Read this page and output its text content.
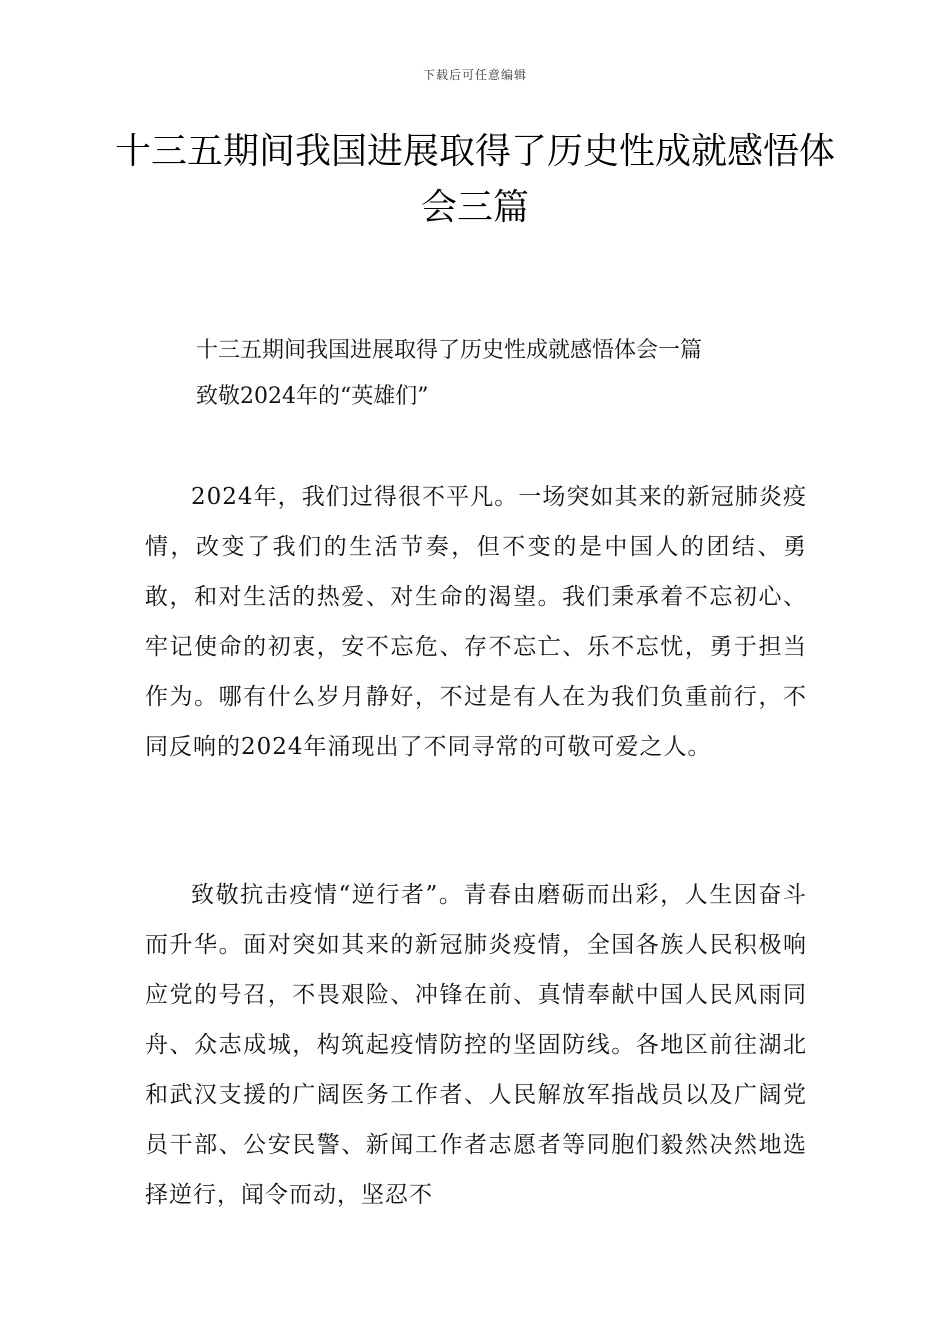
下载后可任意编辑
十三五期间我国进展取得了历史性成就感悟体会三篇
十三五期间我国进展取得了历史性成就感悟体会一篇
致敬2024年的“英雄们”

2024年，我们过得很不平凡。一场突如其来的新冠肺炎疫情，改变了我们的生活节奏，但不变的是中国人的团结、勇敢，和对生活的热爱、对生命的渴望。我们秉承着不忘初心、牢记使命的初衷，安不忘危、存不忘亡、乐不忘忧，勇于担当作为。哪有什么岁月静好，不过是有人在为我们负重前行，不同反响的2024年涌现出了不同寻常的可敬可爱之人。

致敬抗击疫情“逆行者”。青春由磨砺而出彩，人生因奋斗而升华。面对突如其来的新冠肺炎疫情，全国各族人民积极响应党的号召，不畏艰险、冲锋在前、真情奉献中国人民风雨同舟、众志成城，构筑起疫情防控的坚固防线。各地区前往湖北和武汉支援的广阔医务工作者、人民解放军指战员以及广阔党员干部、公安民警、新闻工作者志愿者等同胞们毅然决然地选择逆行，闻令而动，坚忍不
